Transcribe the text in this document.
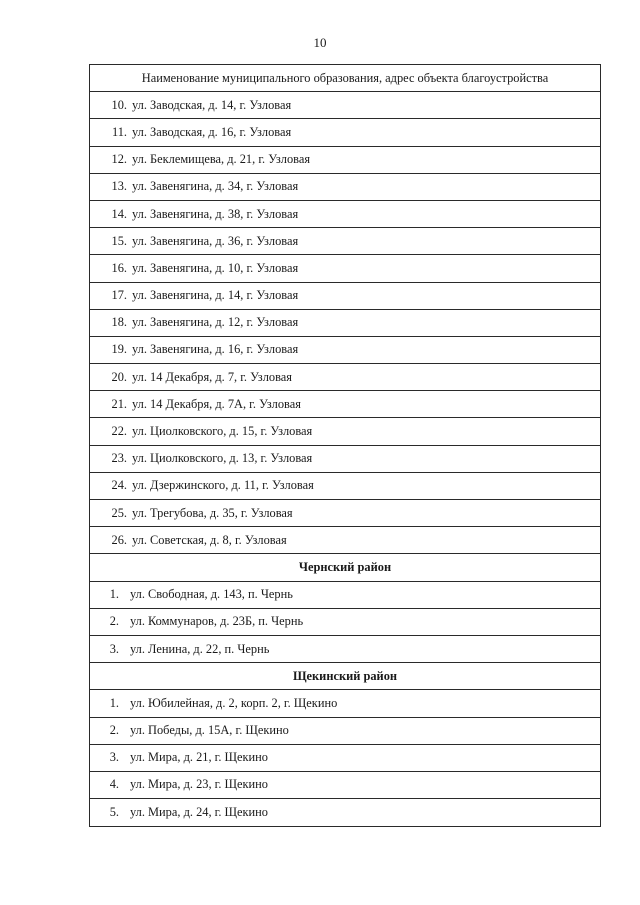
10
Наименование муниципального образования, адрес объекта благоустройства
10. ул. Заводская, д. 14, г. Узловая
11. ул. Заводская, д. 16, г. Узловая
12. ул. Беклемищева, д. 21, г. Узловая
13. ул. Завенягина, д. 34, г. Узловая
14. ул. Завенягина, д. 38, г. Узловая
15. ул. Завенягина, д. 36, г. Узловая
16. ул. Завенягина, д. 10, г. Узловая
17. ул. Завенягина, д. 14, г. Узловая
18. ул. Завенягина, д. 12, г. Узловая
19. ул. Завенягина, д. 16, г. Узловая
20. ул. 14 Декабря, д. 7, г. Узловая
21. ул. 14 Декабря, д. 7А, г. Узловая
22. ул. Циолковского, д. 15, г. Узловая
23. ул. Циолковского, д. 13, г. Узловая
24. ул. Дзержинского, д. 11, г. Узловая
25. ул. Трегубова, д. 35, г. Узловая
26. ул. Советская, д. 8, г. Узловая
Чернский район
1. ул. Свободная, д. 143, п. Чернь
2. ул. Коммунаров, д. 23Б, п. Чернь
3. ул. Ленина, д. 22, п. Чернь
Щекинский район
1. ул. Юбилейная, д. 2, корп. 2, г. Щекино
2. ул. Победы, д. 15А, г. Щекино
3. ул. Мира, д. 21, г. Щекино
4. ул. Мира, д. 23, г. Щекино
5. ул. Мира, д. 24, г. Щекино
